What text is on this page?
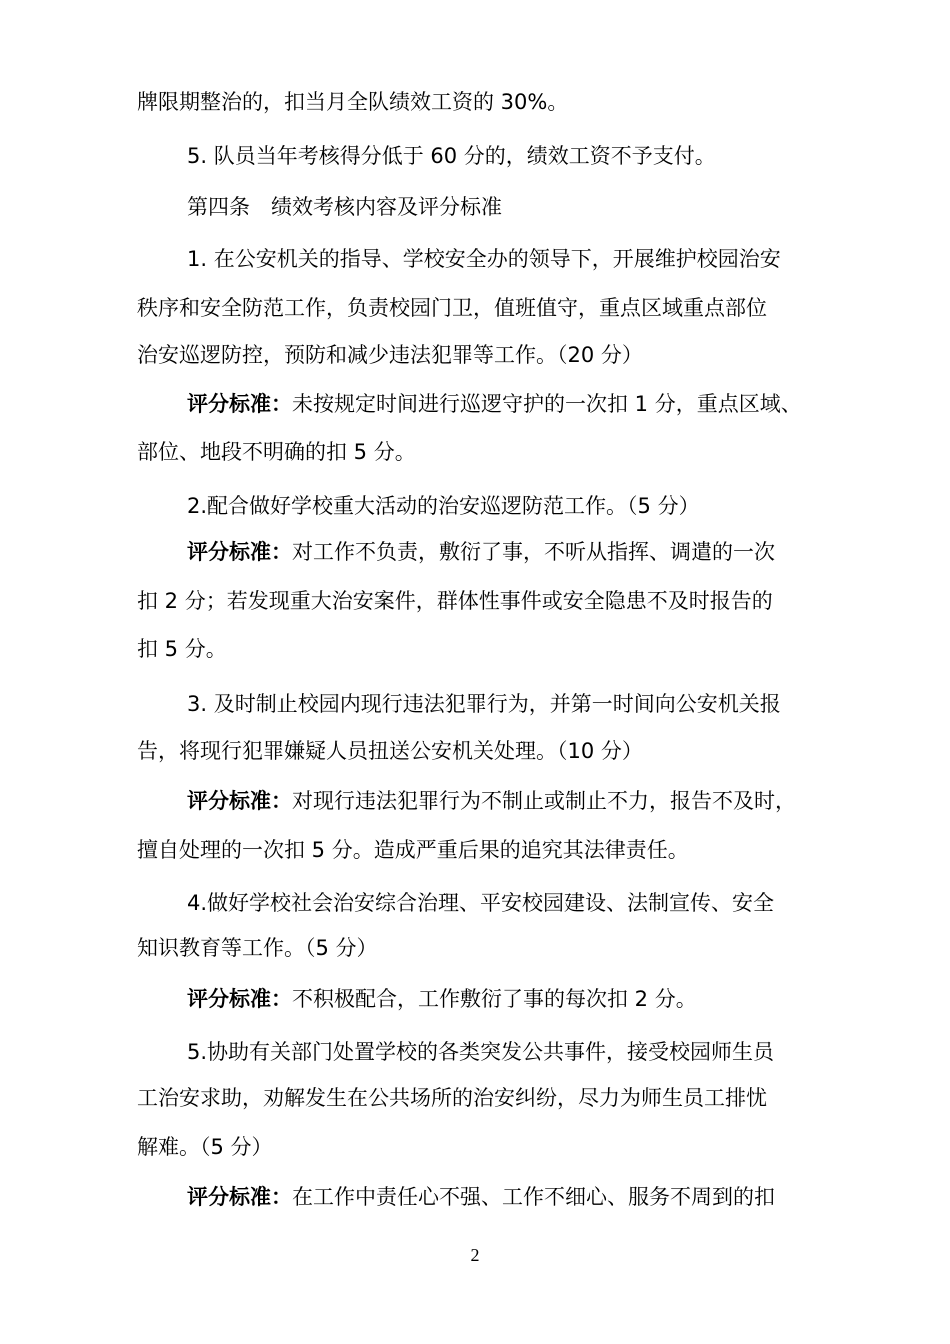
牌限期整治的，扣当月全队绩效工资的 30%。
5. 队员当年考核得分低于 60 分的，绩效工资不予支付。
第四条　绩效考核内容及评分标准
1. 在公安机关的指导、学校安全办的领导下，开展维护校园治安
秩序和安全防范工作，负责校园门卫，值班值守，重点区域重点部位
治安巡逻防控，预防和减少违法犯罪等工作。（20 分）
评分标准：未按规定时间进行巡逻守护的一次扣 1 分，重点区域、
部位、地段不明确的扣 5 分。
2.配合做好学校重大活动的治安巡逻防范工作。（5 分）
评分标准：对工作不负责，敷衍了事，不听从指挥、调遣的一次
扣 2 分；若发现重大治安案件，群体性事件或安全隐患不及时报告的
扣 5 分。
3. 及时制止校园内现行违法犯罪行为，并第一时间向公安机关报
告，将现行犯罪嫌疑人员扭送公安机关处理。（10 分）
评分标准：对现行违法犯罪行为不制止或制止不力，报告不及时，
擅自处理的一次扣 5 分。造成严重后果的追究其法律责任。
4.做好学校社会治安综合治理、平安校园建设、法制宣传、安全
知识教育等工作。（5 分）
评分标准：不积极配合，工作敷衍了事的每次扣 2 分。
5.协助有关部门处置学校的各类突发公共事件，接受校园师生员
工治安求助，劝解发生在公共场所的治安纠纷，尽力为师生员工排忧
解难。（5 分）
评分标准：在工作中责任心不强、工作不细心、服务不周到的扣
2
